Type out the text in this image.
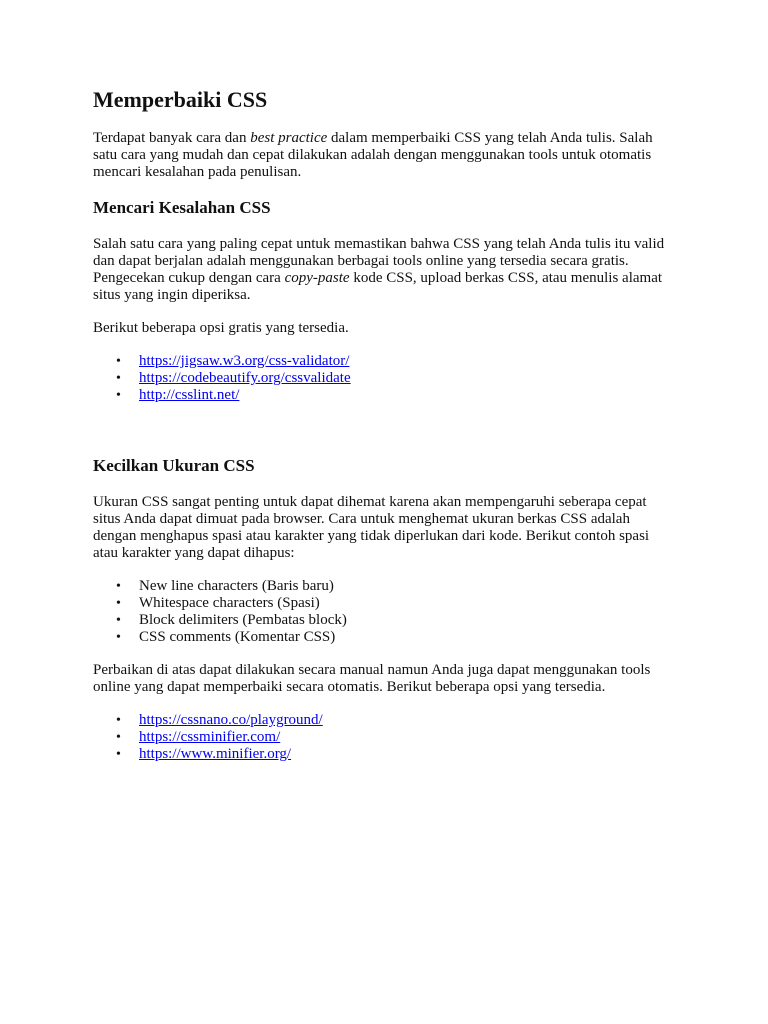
Memperbaiki CSS

Terdapat banyak cara dan best practice dalam memperbaiki CSS yang telah Anda tulis. Salah satu cara yang mudah dan cepat dilakukan adalah dengan menggunakan tools untuk otomatis mencari kesalahan pada penulisan.

Mencari Kesalahan CSS

Salah satu cara yang paling cepat untuk memastikan bahwa CSS yang telah Anda tulis itu valid dan dapat berjalan adalah menggunakan berbagai tools online yang tersedia secara gratis. Pengecekan cukup dengan cara copy-paste kode CSS, upload berkas CSS, atau menulis alamat situs yang ingin diperiksa.

Berikut beberapa opsi gratis yang tersedia.

• https://jigsaw.w3.org/css-validator/
• https://codebeautify.org/cssvalidate
• http://csslint.net/
Kecilkan Ukuran CSS

Ukuran CSS sangat penting untuk dapat dihemat karena akan mempengaruhi seberapa cepat situs Anda dapat dimuat pada browser. Cara untuk menghemat ukuran berkas CSS adalah dengan menghapus spasi atau karakter yang tidak diperlukan dari kode. Berikut contoh spasi atau karakter yang dapat dihapus:

• New line characters (Baris baru)
• Whitespace characters (Spasi)
• Block delimiters (Pembatas block)
• CSS comments (Komentar CSS)

Perbaikan di atas dapat dilakukan secara manual namun Anda juga dapat menggunakan tools online yang dapat memperbaiki secara otomatis. Berikut beberapa opsi yang tersedia.

• https://cssnano.co/playground/
• https://cssminifier.com/
• https://www.minifier.org/
